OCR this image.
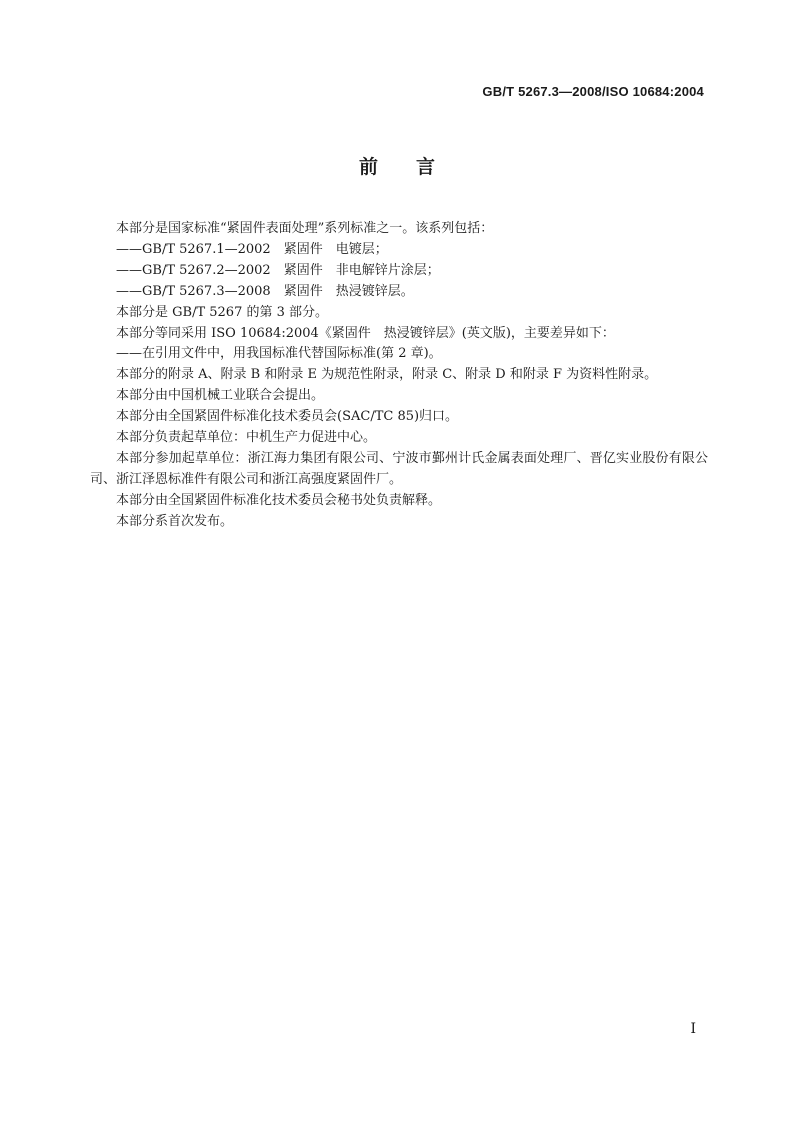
GB/T 5267.3—2008/ISO 10684:2004
前言

本部分是国家标准“紧固件表面处理”系列标准之一。该系列包括：

——GB/T 5267.1—2002　紧固件　电镀层；

——GB/T 5267.2—2002　紧固件　非电解锌片涂层；

——GB/T 5267.3—2008　紧固件　热浸镀锌层。

本部分是 GB/T 5267 的第 3 部分。

本部分等同采用 ISO 10684:2004《紧固件　热浸镀锌层》(英文版)，主要差异如下：

——在引用文件中，用我国标准代替国际标准(第 2 章)。

本部分的附录 A、附录 B 和附录 E 为规范性附录，附录 C、附录 D 和附录 F 为资料性附录。

本部分由中国机械工业联合会提出。

本部分由全国紧固件标准化技术委员会(SAC/TC 85)归口。

本部分负责起草单位：中机生产力促进中心。

本部分参加起草单位：浙江海力集团有限公司、宁波市鄞州计氏金属表面处理厂、晋亿实业股份有限公司、浙江泽恩标准件有限公司和浙江高强度紧固件厂。

本部分由全国紧固件标准化技术委员会秘书处负责解释。

本部分系首次发布。

I
